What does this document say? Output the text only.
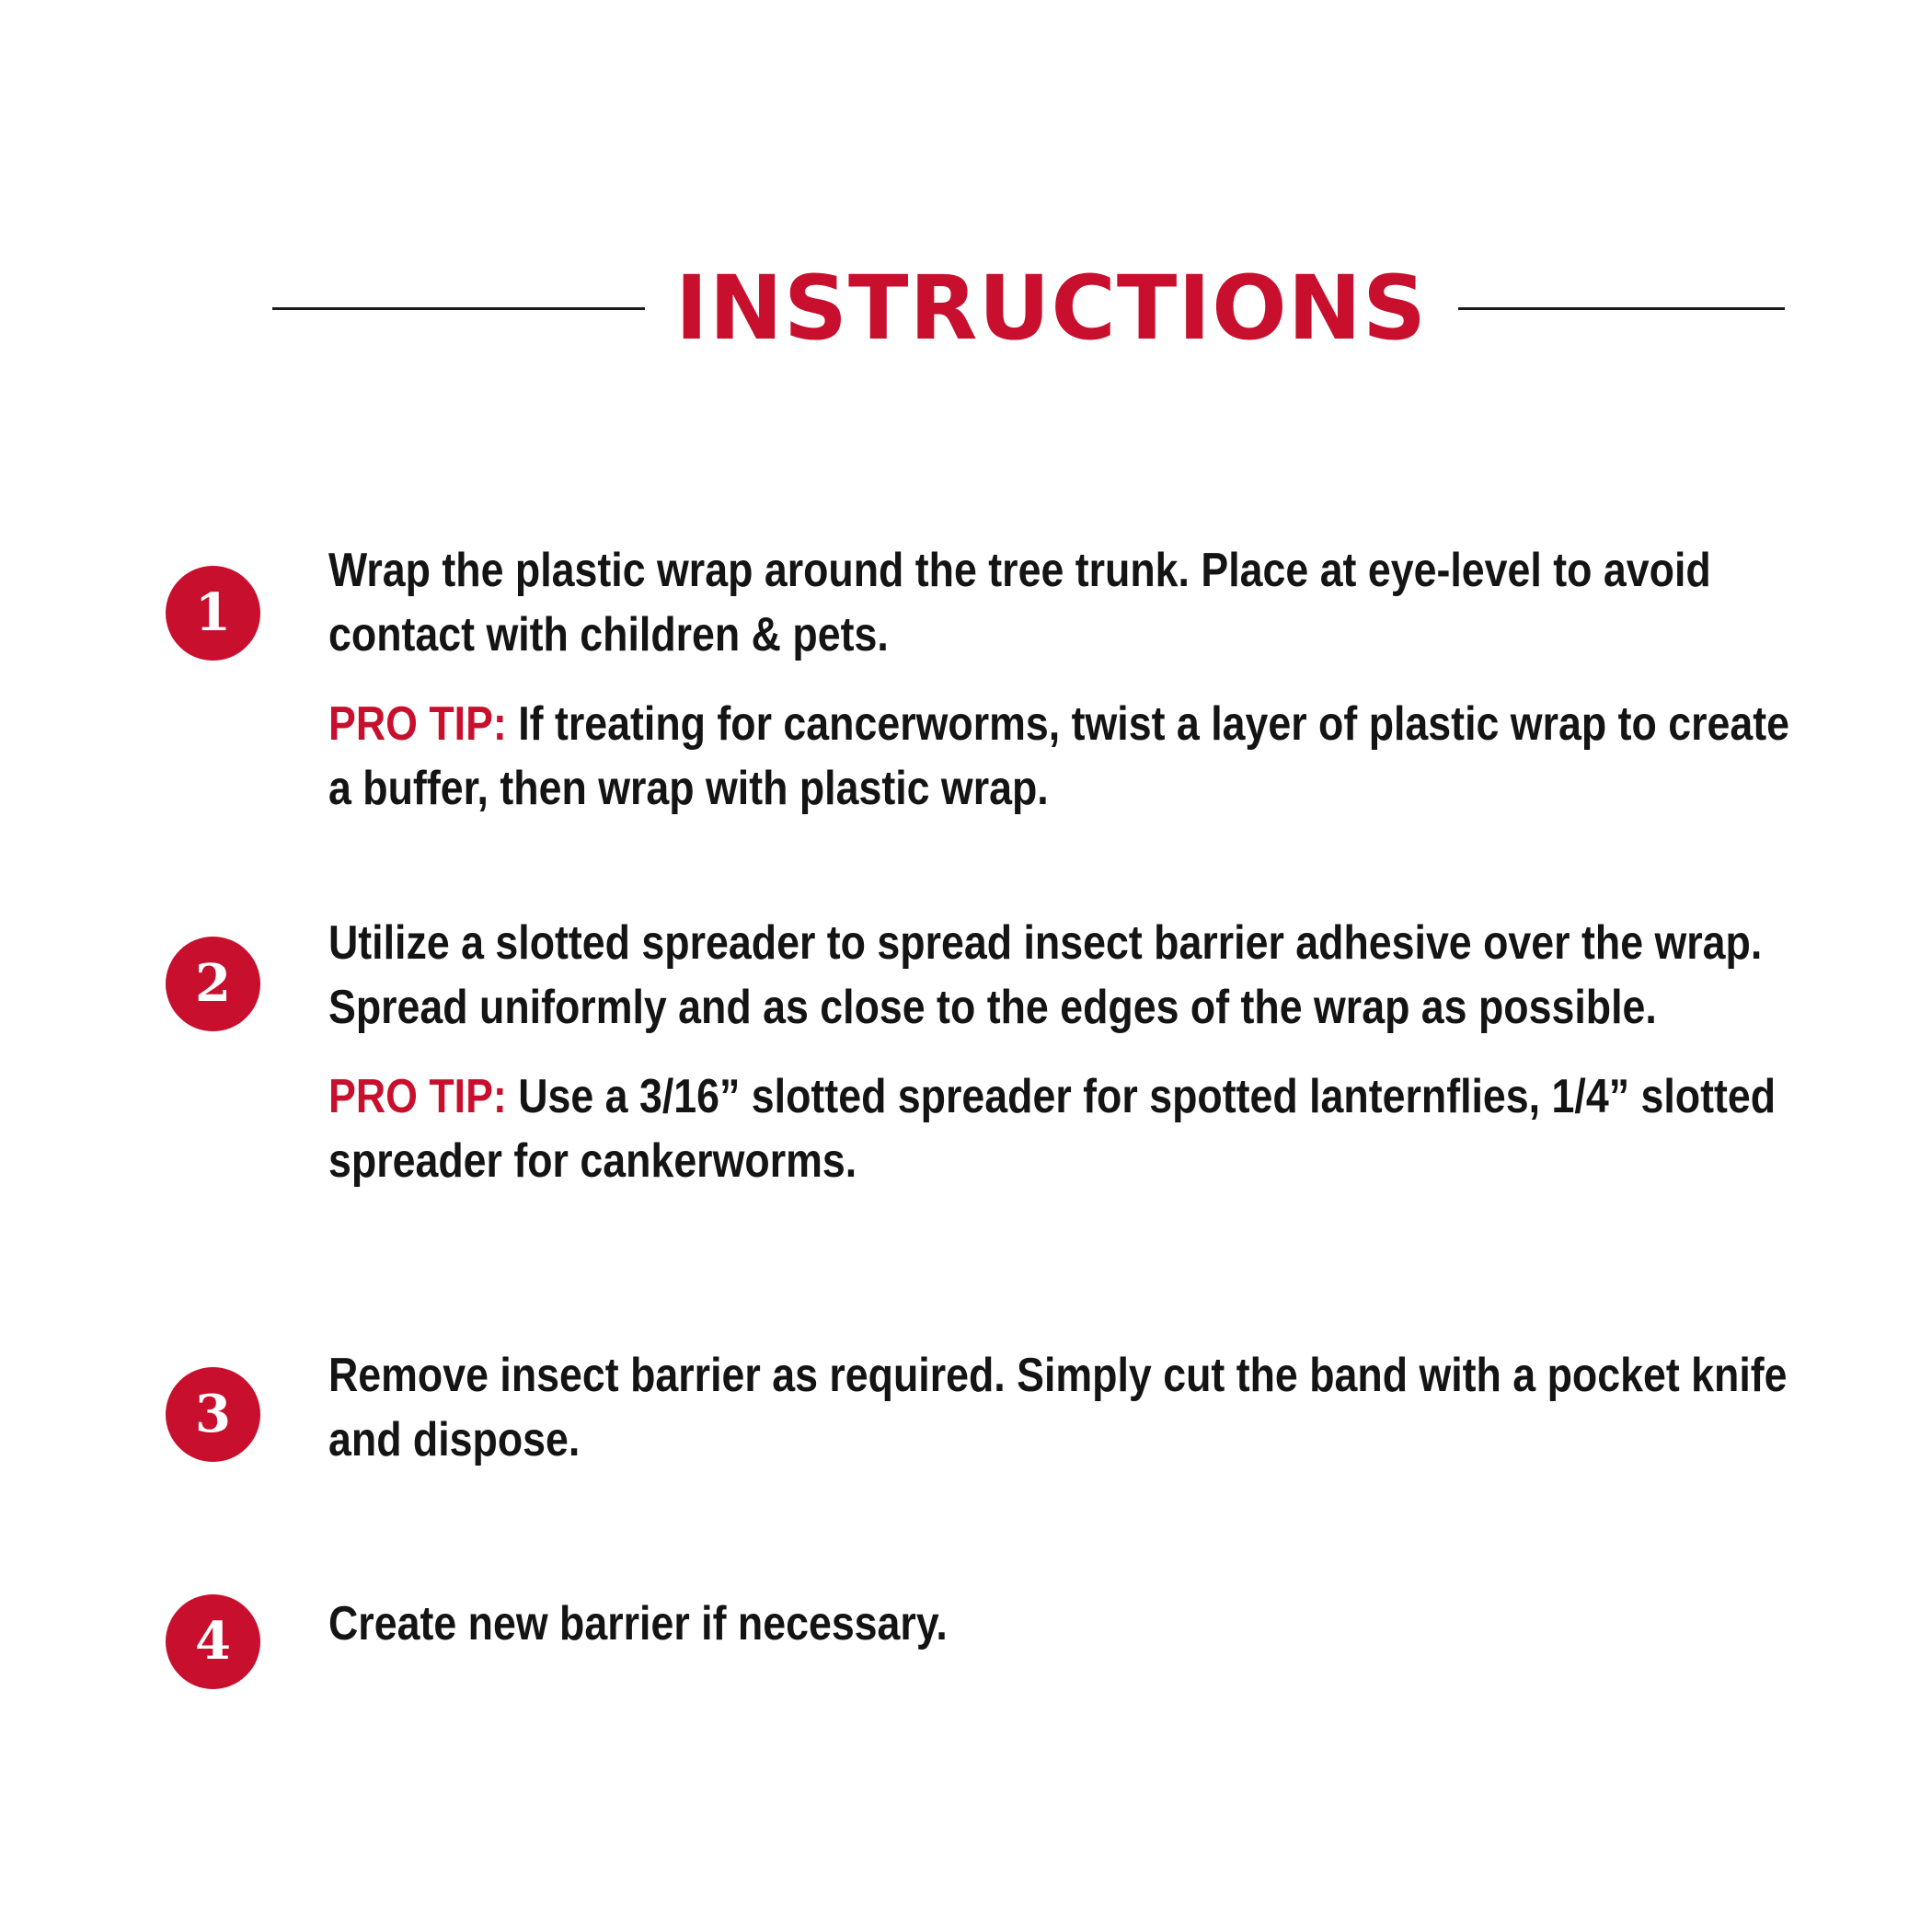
INSTRUCTIONS
1

Wrap the plastic wrap around the tree trunk. Place at eye-level to avoid contact with children & pets.

PRO TIP: If treating for cancerworms, twist a layer of plastic wrap to create a buffer, then wrap with plastic wrap.

2

Utilize a slotted spreader to spread insect barrier adhesive over the wrap. Spread uniformly and as close to the edges of the wrap as possible.

PRO TIP: Use a 3/16” slotted spreader for spotted lanternflies, 1/4” slotted spreader for cankerworms.

3

Remove insect barrier as required. Simply cut the band with a pocket knife and dispose.

4	Create new barrier if necessary.
